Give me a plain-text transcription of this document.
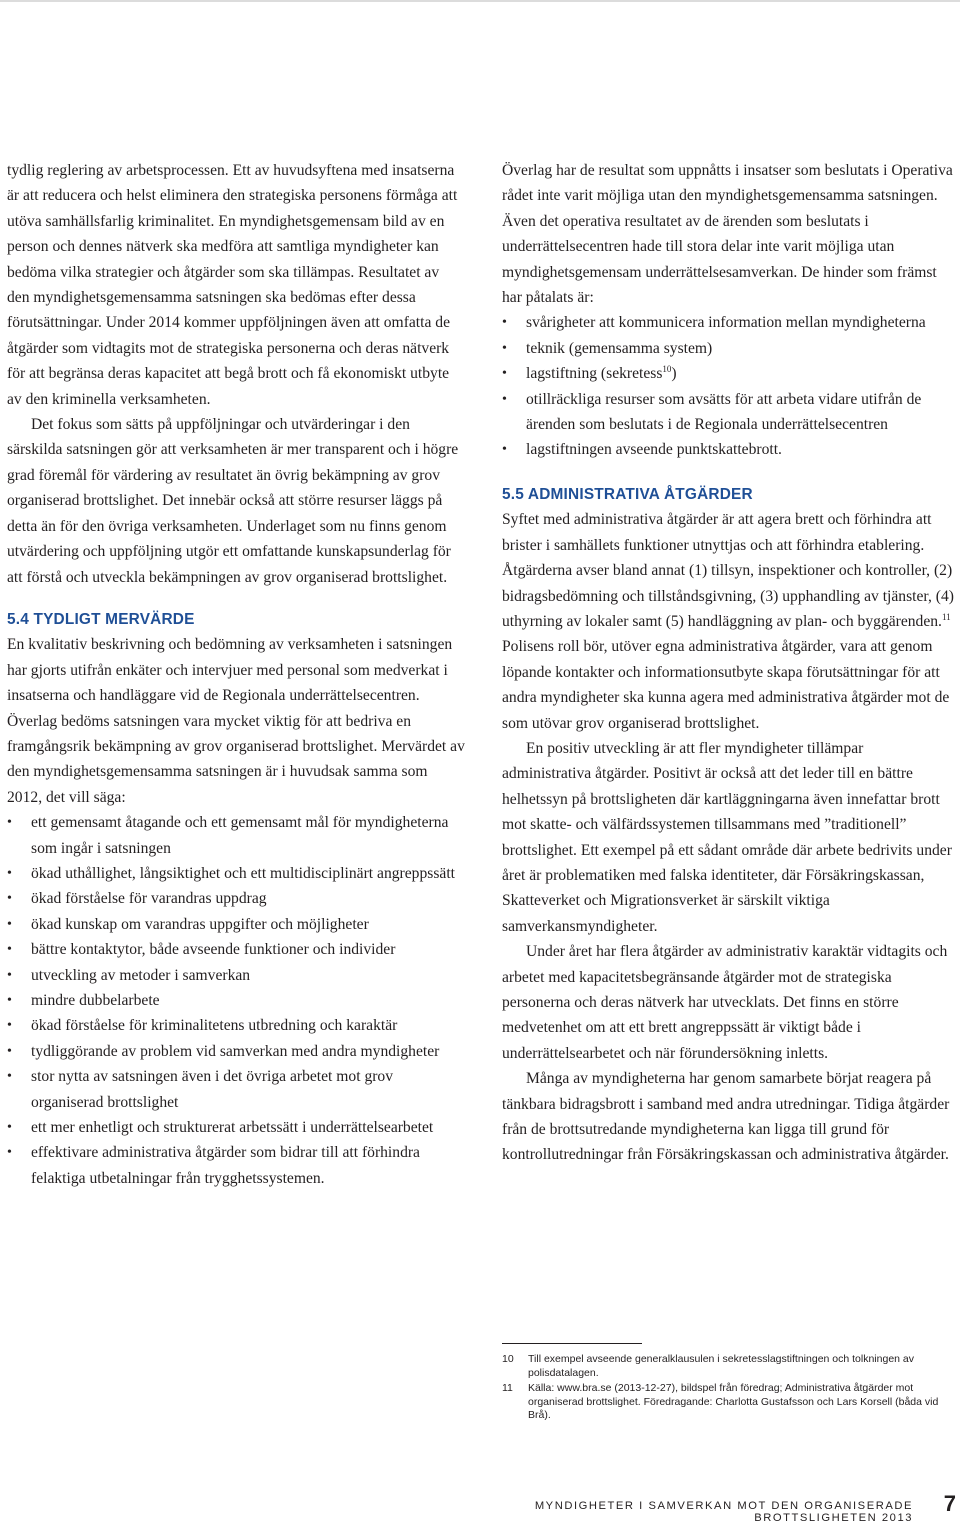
tydlig reglering av arbetsprocessen. Ett av huvudsyftena med insatserna är att reducera och helst eliminera den strategiska personens förmåga att utöva samhällsfarlig kriminalitet. En myndighetsgemensam bild av en person och dennes nätverk ska medföra att samtliga myndigheter kan bedöma vilka strategier och åtgärder som ska tillämpas. Resultatet av den myndighetsgemensamma satsningen ska bedömas efter dessa förutsättningar. Under 2014 kommer uppföljningen även att omfatta de åtgärder som vidtagits mot de strategiska personerna och deras nätverk för att begränsa deras kapacitet att begå brott och få ekonomiskt utbyte av den kriminella verksamheten.

Det fokus som sätts på uppföljningar och utvärderingar i den särskilda satsningen gör att verksamheten är mer transparent och i högre grad föremål för värdering av resultatet än övrig bekämpning av grov organiserad brottslighet. Det innebär också att större resurser läggs på detta än för den övriga verksamheten. Underlaget som nu finns genom utvärdering och uppföljning utgör ett omfattande kunskapsunderlag för att förstå och utveckla bekämpningen av grov organiserad brottslighet.

5.4 TYDLIGT MERVÄRDE

En kvalitativ beskrivning och bedömning av verksamheten i satsningen har gjorts utifrån enkäter och intervjuer med personal som medverkat i insatserna och handläggare vid de Regionala underrättelsecentren. Överlag bedöms satsningen vara mycket viktig för att bedriva en framgångsrik bekämpning av grov organiserad brottslighet. Mervärdet av den myndighetsgemensamma satsningen är i huvudsak samma som 2012, det vill säga:

• ett gemensamt åtagande och ett gemensamt mål för myndigheterna som ingår i satsningen
• ökad uthållighet, långsiktighet och ett multidisciplinärt angreppssätt
• ökad förståelse för varandras uppdrag
• ökad kunskap om varandras uppgifter och möjligheter
• bättre kontaktytor, både avseende funktioner och individer
• utveckling av metoder i samverkan
• mindre dubbelarbete
• ökad förståelse för kriminalitetens utbredning och karaktär
• tydliggörande av problem vid samverkan med andra myndigheter
• stor nytta av satsningen även i det övriga arbetet mot grov organiserad brottslighet
• ett mer enhetligt och strukturerat arbetssätt i underrättelsearbetet
• effektivare administrativa åtgärder som bidrar till att förhindra felaktiga utbetalningar från trygghetssystemen.

Överlag har de resultat som uppnåtts i insatser som beslutats i Operativa rådet inte varit möjliga utan den myndighetsgemensamma satsningen. Även det operativa resultatet av de ärenden som beslutats i underrättelsecentren hade till stora delar inte varit möjliga utan myndighetsgemensam underrättelsesamverkan. De hinder som främst har påtalats är:

• svårigheter att kommunicera information mellan myndigheterna
• teknik (gemensamma system)
• lagstiftning (sekretess$^{10}$)
• otillräckliga resurser som avsätts för att arbeta vidare utifrån de ärenden som beslutats i de Regionala underrättelsecentren
• lagstiftningen avseende punktskattebrott.

5.5 ADMINISTRATIVA ÅTGÄRDER

Syftet med administrativa åtgärder är att agera brett och förhindra att brister i samhällets funktioner utnyttjas och att förhindra etablering. Åtgärderna avser bland annat (1) tillsyn, inspektioner och kontroller, (2) bidragsbedömning och tillståndsgivning, (3) upphandling av tjänster, (4) uthyrning av lokaler samt (5) handläggning av plan- och byggärenden.$^{11}$ Polisens roll bör, utöver egna administrativa åtgärder, vara att genom löpande kontakter och informationsutbyte skapa förutsättningar för att andra myndigheter ska kunna agera med administrativa åtgärder mot de som utövar grov organiserad brottslighet.

En positiv utveckling är att fler myndigheter tillämpar administrativa åtgärder. Positivt är också att det leder till en bättre helhetssyn på brottsligheten där kartläggningarna även innefattar brott mot skatte- och välfärdssystemen tillsammans med ”traditionell” brottslighet. Ett exempel på ett sådant område där arbete bedrivits under året är problematiken med falska identiteter, där Försäkringskassan, Skatteverket och Migrationsverket är särskilt viktiga samverkansmyndigheter.

Under året har flera åtgärder av administrativ karaktär vidtagits och arbetet med kapacitetsbegränsande åtgärder mot de strategiska personerna och deras nätverk har utvecklats. Det finns en större medvetenhet om att ett brett angreppssätt är viktigt både i underrättelsearbetet och när förundersökning inletts.

Många av myndigheterna har genom samarbete börjat reagera på tänkbara bidragsbrott i samband med andra utredningar. Tidiga åtgärder från de brottsutredande myndigheterna kan ligga till grund för kontrollutredningar från Försäkringskassan och administrativa åtgärder.

10 Till exempel avseende generalklausulen i sekretesslagstiftningen och tolkningen av polisdatalagen.
11 Källa: www.bra.se (2013-12-27), bildspel från föredrag; Administrativa åtgärder mot organiserad brottslighet. Föredragande: Charlotta Gustafsson och Lars Korsell (båda vid Brå).
MYNDIGHETER I SAMVERKAN MOT DEN ORGANISERADE BROTTSLIGHETEN 2013
7
